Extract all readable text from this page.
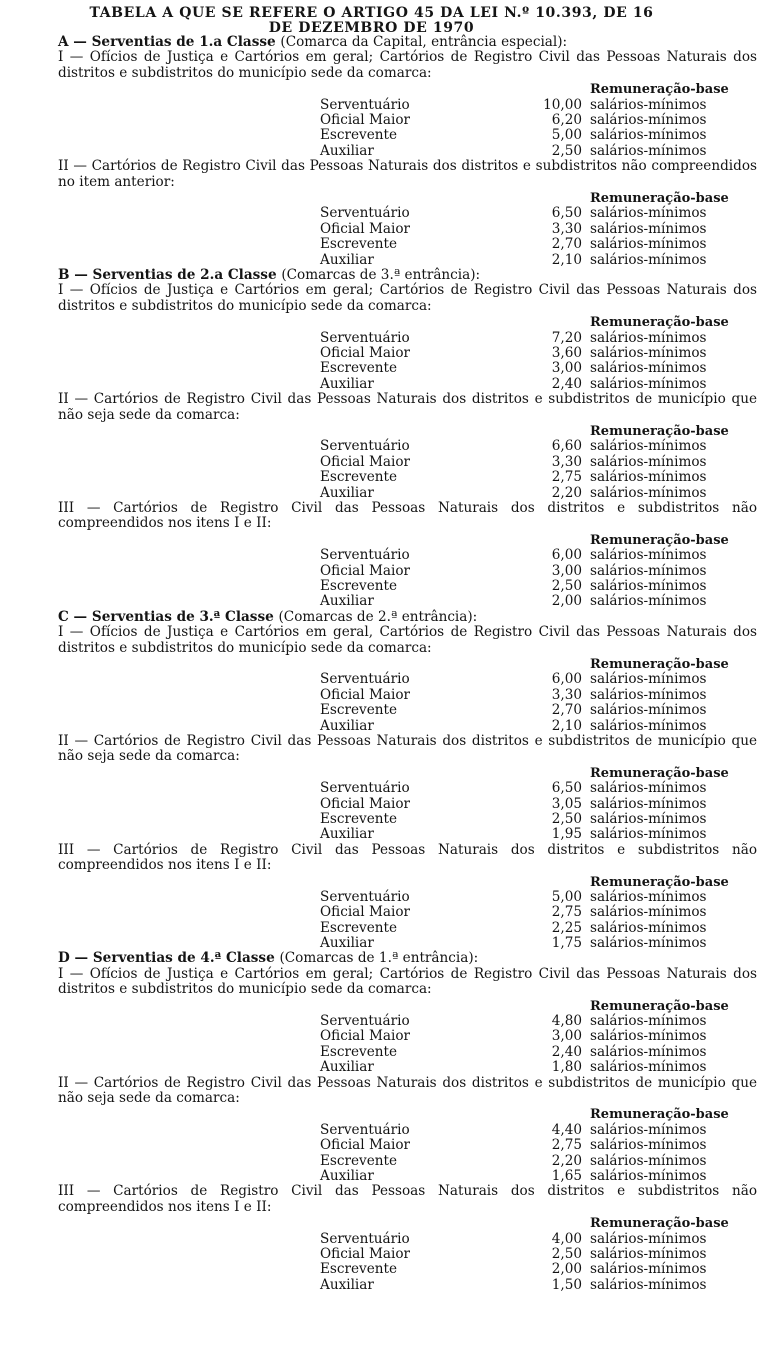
TABELA A QUE SE REFERE O ARTIGO 45 DA LEI N.º 10.393, DE 16
DE DEZEMBRO DE 1970
A — Serventias de 1.a Classe (Comarca da Capital, entrância especial):
I — Ofícios de Justiça e Cartórios em geral; Cartórios de Registro Civil das Pessoas Naturais dos distritos e subdistritos do município sede da comarca:
Remuneração-base
Serventuário	10,00 salários-mínimos
Oficial Maior	6,20 salários-mínimos
Escrevente	5,00 salários-mínimos
Auxiliar	2,50 salários-mínimos
II — Cartórios de Registro Civil das Pessoas Naturais dos distritos e subdistritos não compreendidos no item anterior:
Remuneração-base
Serventuário	6,50 salários-mínimos
Oficial Maior	3,30 salários-mínimos
Escrevente	2,70 salários-mínimos
Auxiliar	2,10 salários-mínimos
B — Serventias de 2.a Classe (Comarcas de 3.ª entrância):
I — Ofícios de Justiça e Cartórios em geral; Cartórios de Registro Civil das Pessoas Naturais dos distritos e subdistritos do município sede da comarca:
Remuneração-base
Serventuário	7,20 salários-mínimos
Oficial Maior	3,60 salários-mínimos
Escrevente	3,00 salários-mínimos
Auxiliar	2,40 salários-mínimos
II — Cartórios de Registro Civil das Pessoas Naturais dos distritos e subdistritos de município que não seja sede da comarca:
Remuneração-base
Serventuário	6,60 salários-mínimos
Oficial Maior	3,30 salários-mínimos
Escrevente	2,75 salários-mínimos
Auxiliar	2,20 salários-mínimos
III — Cartórios de Registro Civil das Pessoas Naturais dos distritos e subdistritos não compreendidos nos itens I e II:
Remuneração-base
Serventuário	6,00 salários-mínimos
Oficial Maior	3,00 salários-mínimos
Escrevente	2,50 salários-mínimos
Auxiliar	2,00 salários-mínimos
C — Serventias de 3.ª Classe (Comarcas de 2.ª entrância):
I — Ofícios de Justiça e Cartórios em geral, Cartórios de Registro Civil das Pessoas Naturais dos distritos e subdistritos do município sede da comarca:
Remuneração-base
Serventuário	6,00 salários-mínimos
Oficial Maior	3,30 salários-mínimos
Escrevente	2,70 salários-mínimos
Auxiliar	2,10 salários-mínimos
II — Cartórios de Registro Civil das Pessoas Naturais dos distritos e subdistritos de município que não seja sede da comarca:
Remuneração-base
Serventuário	6,50 salários-mínimos
Oficial Maior	3,05 salários-mínimos
Escrevente	2,50 salários-mínimos
Auxiliar	1,95 salários-mínimos
III — Cartórios de Registro Civil das Pessoas Naturais dos distritos e subdistritos não compreendidos nos itens I e II:
Remuneração-base
Serventuário	5,00 salários-mínimos
Oficial Maior	2,75 salários-mínimos
Escrevente	2,25 salários-mínimos
Auxiliar	1,75 salários-mínimos
D — Serventias de 4.ª Classe (Comarcas de 1.ª entrância):
I — Ofícios de Justiça e Cartórios em geral; Cartórios de Registro Civil das Pessoas Naturais dos distritos e subdistritos do município sede da comarca:
Remuneração-base
Serventuário	4,80 salários-mínimos
Oficial Maior	3,00 salários-mínimos
Escrevente	2,40 salários-mínimos
Auxiliar	1,80 salários-mínimos
II — Cartórios de Registro Civil das Pessoas Naturais dos distritos e subdistritos de município que não seja sede da comarca:
Remuneração-base
Serventuário	4,40 salários-mínimos
Oficial Maior	2,75 salários-mínimos
Escrevente	2,20 salários-mínimos
Auxiliar	1,65 salários-mínimos
III — Cartórios de Registro Civil das Pessoas Naturais dos distritos e subdistritos não compreendidos nos itens I e II:
Remuneração-base
Serventuário	4,00 salários-mínimos
Oficial Maior	2,50 salários-mínimos
Escrevente	2,00 salários-mínimos
Auxiliar	1,50 salários-mínimos
